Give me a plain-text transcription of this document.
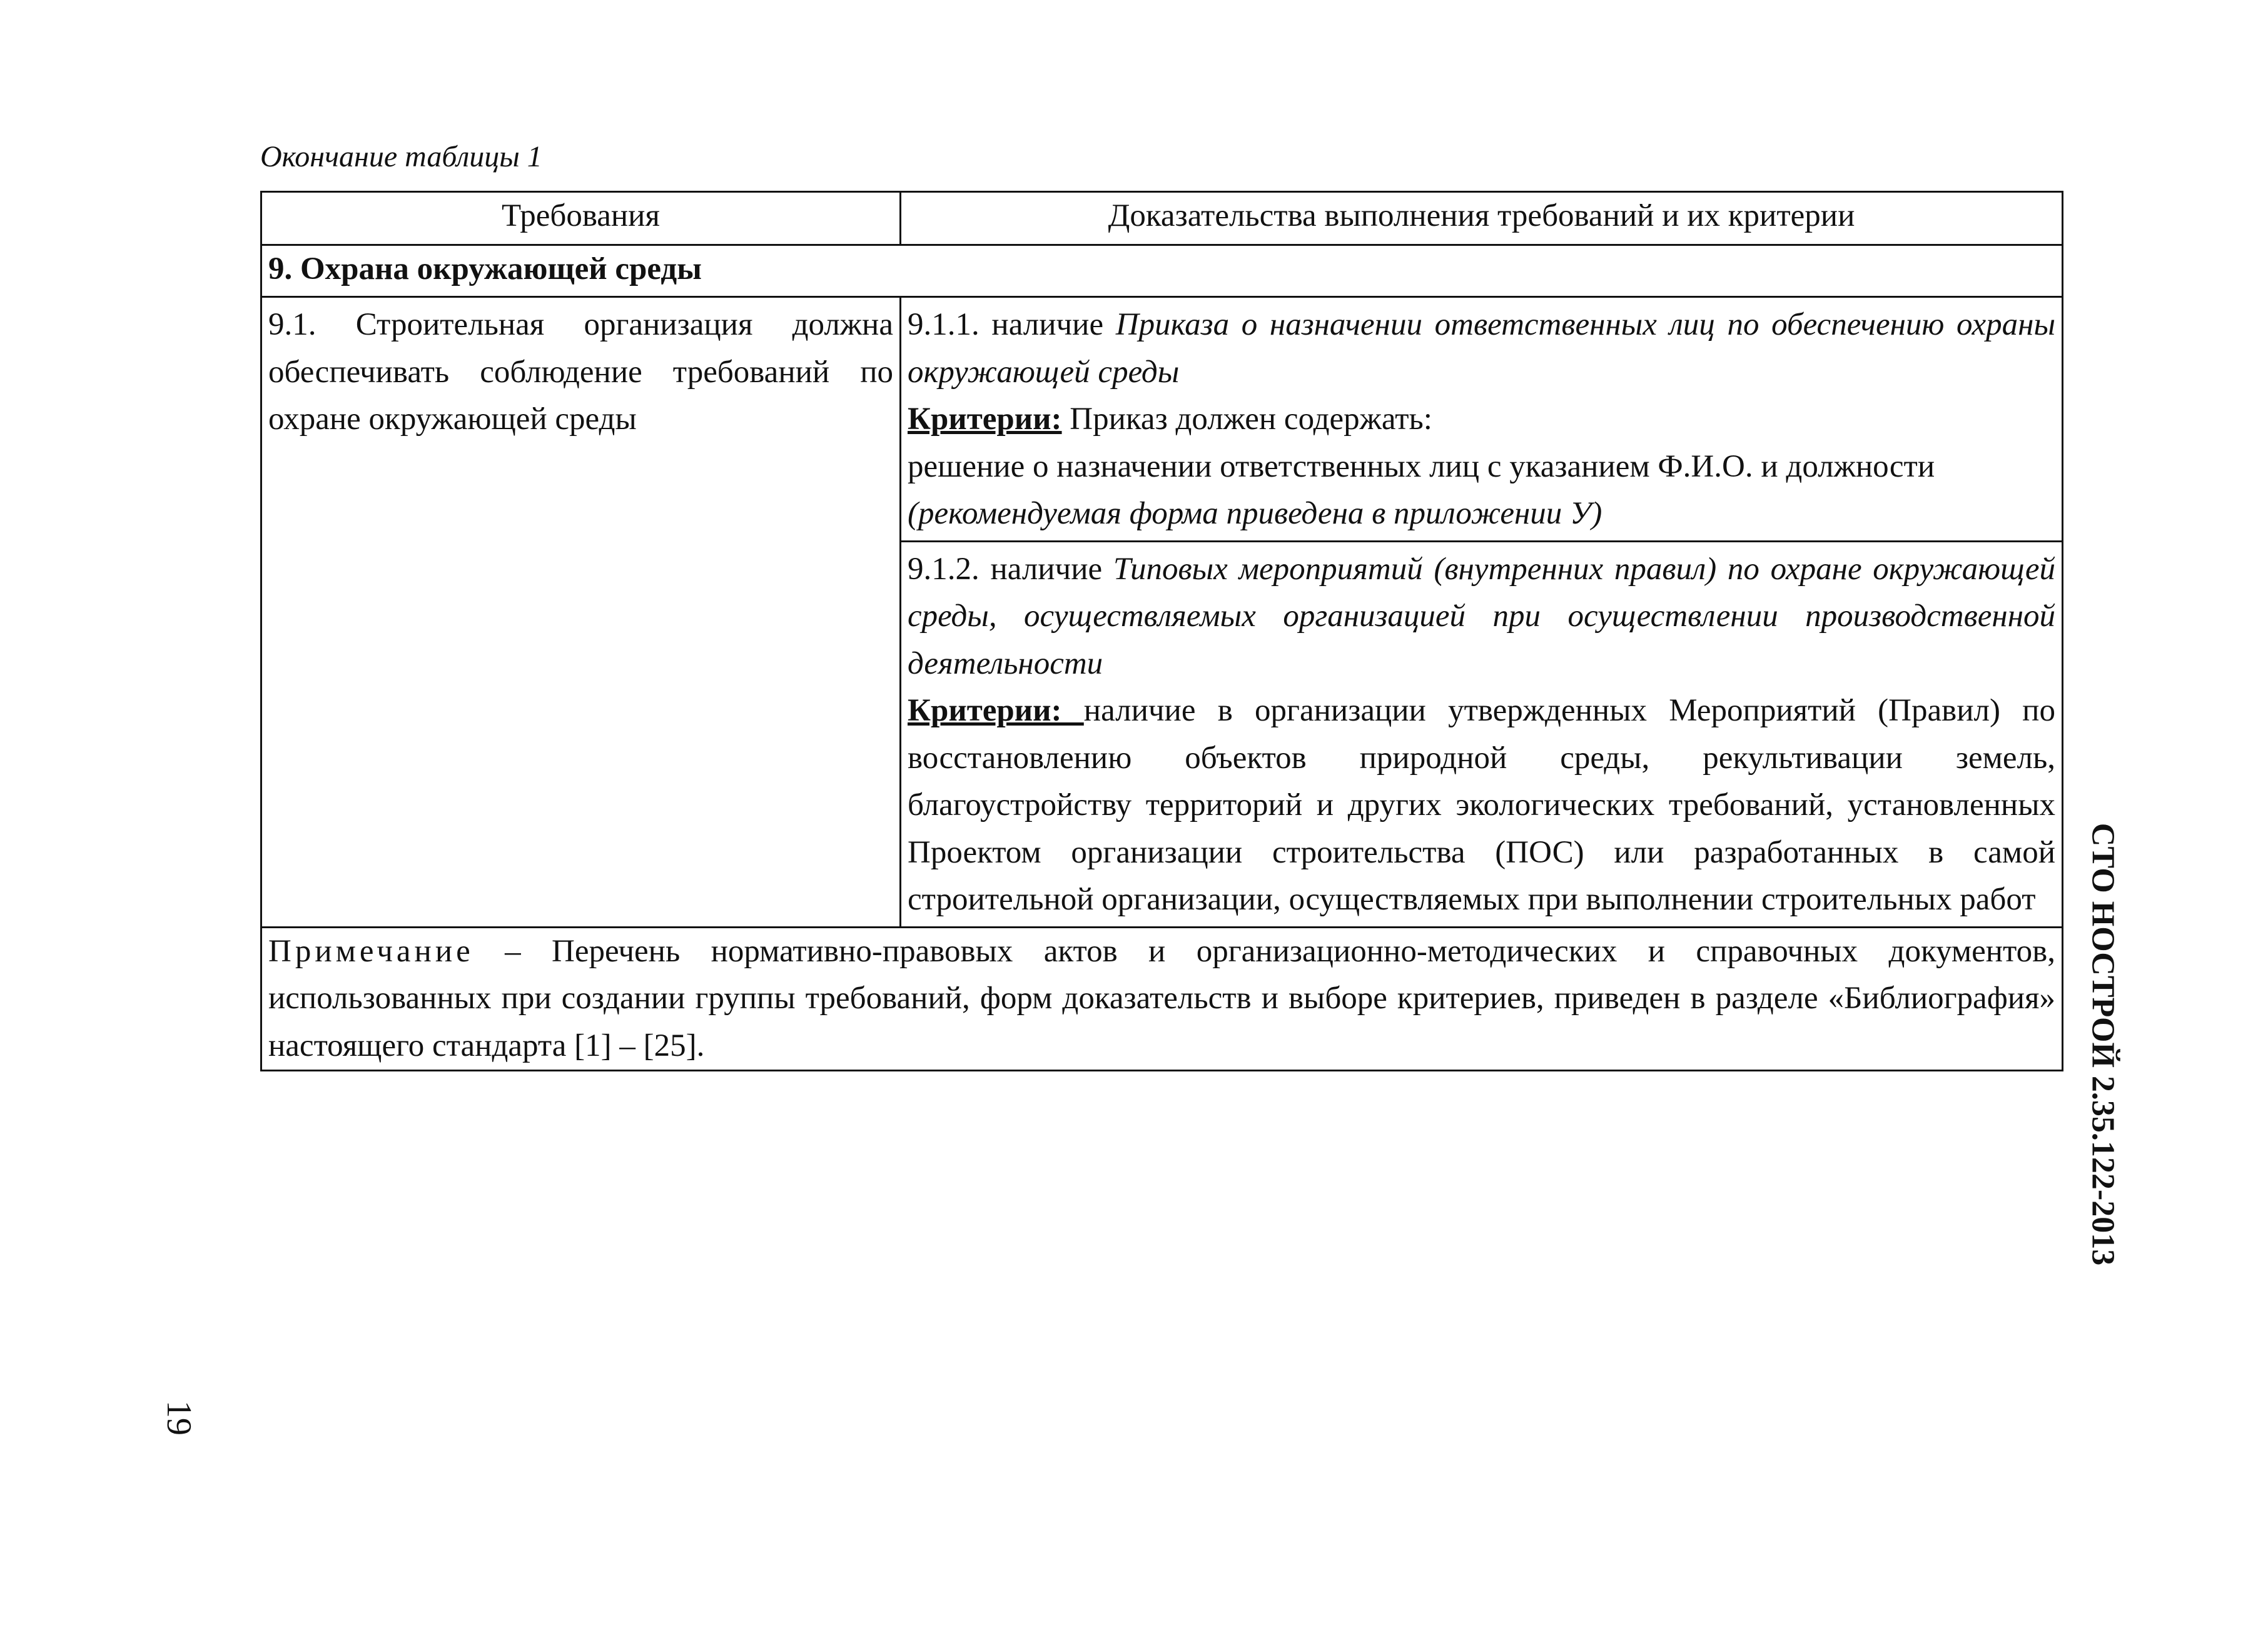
Окончание таблицы 1
Требования	Доказательства выполнения требований и их критерии
9. Охрана окружающей среды	
9.1. Строительная организация должна обеспечивать соблюдение требований по охране окружающей среды	9.1.1. наличие Приказа о назначении ответственных лиц по обеспечению охраны окружающей среды
Критерии: Приказ должен содержать:
решение о назначении ответственных лиц с указанием Ф.И.О. и должности
(рекомендуемая форма приведена в приложении У)

	9.1.2. наличие Типовых мероприятий (внутренних правил) по охране окружающей среды, осуществляемых организацией при осуществлении производственной деятельности
Критерии: наличие в организации утвержденных Мероприятий (Правил) по восстановлению объектов природной среды, рекультивации земель, благоустройству территорий и других экологических требований, установленных Проектом организации строительства (ПОС) или разработанных в самой строительной организации, осуществляемых при выполнении строительных работ

Примечание – Перечень нормативно-правовых актов и организационно-методических и справочных документов, использованных при создании группы требований, форм доказательств и выборе критериев, приведен в разделе «Библиография» настоящего стандарта [1] – [25].		СТО НОСТРОЙ 2.35.122-2013
19
